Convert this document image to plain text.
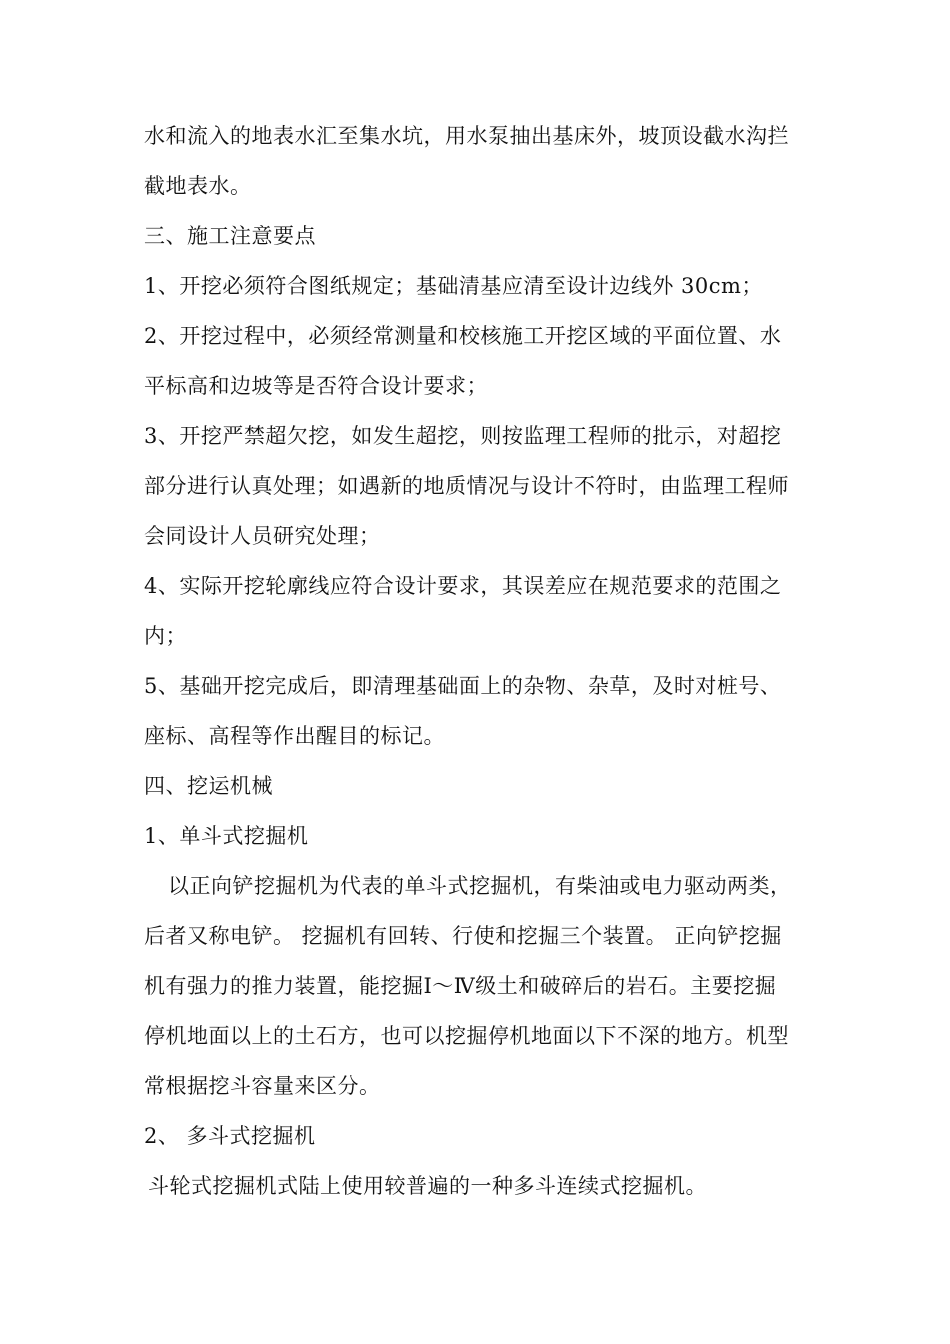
水和流入的地表水汇至集水坑，用水泵抽出基床外，坡顶设截水沟拦
截地表水。
三、施工注意要点
1、开挖必须符合图纸规定；基础清基应清至设计边线外 30cm；
2、开挖过程中，必须经常测量和校核施工开挖区域的平面位置、水
平标高和边坡等是否符合设计要求；
3、开挖严禁超欠挖，如发生超挖，则按监理工程师的批示，对超挖
部分进行认真处理；如遇新的地质情况与设计不符时，由监理工程师
会同设计人员研究处理；
4、实际开挖轮廓线应符合设计要求，其误差应在规范要求的范围之
内；
5、基础开挖完成后，即清理基础面上的杂物、杂草，及时对桩号、
座标、高程等作出醒目的标记。
四、挖运机械
1、单斗式挖掘机
以正向铲挖掘机为代表的单斗式挖掘机，有柴油或电力驱动两类，
后者又称电铲。 挖掘机有回转、行使和挖掘三个装置。 正向铲挖掘
机有强力的推力装置，能挖掘Ⅰ～Ⅳ级土和破碎后的岩石。主要挖掘
停机地面以上的土石方，也可以挖掘停机地面以下不深的地方。机型
常根据挖斗容量来区分。
2、 多斗式挖掘机
斗轮式挖掘机式陆上使用较普遍的一种多斗连续式挖掘机。
